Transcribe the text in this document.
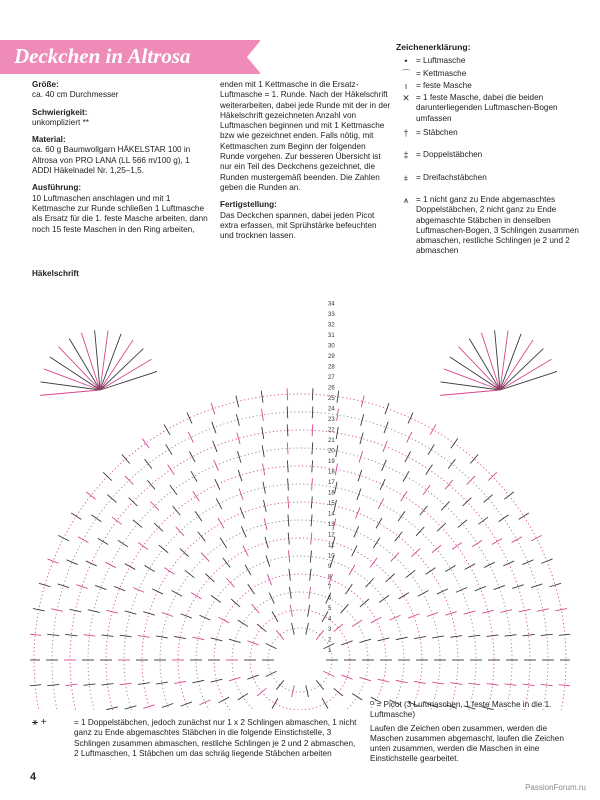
Deckchen in Altrosa
Größe:
ca. 40 cm Durchmesser
Schwierigkeit:
unkompliziert **
Material:
ca. 60 g Baumwollgarn HÄKELSTAR 100 in Altrosa von PRO LANA (LL 566 m/100 g), 1 ADDI Häkelnadel Nr. 1,25–1,5.
Ausführung:
10 Luftmaschen anschlagen und mit 1 Kettmasche zur Runde schließen 1 Luftmasche als Ersatz für die 1. feste Masche arbeiten, dann noch 15 feste Maschen in den Ring arbeiten,
enden mit 1 Kettmasche in die Ersatz-Luftmasche = 1. Runde. Nach der Häkelschrift weiterarbeiten, dabei jede Runde mit der in der Häkelschrift gezeichneten Anzahl von Luftmaschen beginnen und mit 1 Kettmasche bzw wie gezeichnet enden. Falls nötig, mit Kettmaschen zum Beginn der folgenden Runde vorgehen. Zur besseren Übersicht ist nur ein Teil des Deckchens gezeichnet, die Runden mustergemäß beenden. Die Zahlen geben die Runden an.
Fertigstellung:
Das Deckchen spannen, dabei jeden Picot extra erfassen, mit Sprühstärke befeuchten und trocknen lassen.
Zeichenerklärung:
•	= Luftmasche
⌒ = Kettmasche
ı	= feste Masche
✕ = 1 feste Masche, dabei die beiden darunterliegenden Luftmaschen-Bogen umfassen
† = Stäbchen
‡ = Doppelstäbchen
⧧ = Dreifachstäbchen
⩚ = 1 nicht ganz zu Ende abgemaschtes Doppelstäbchen, 2 nicht ganz zu Ende abgemaschte Stäbchen in denselben Luftmaschen-Bogen, 3 Schlingen zusammen abmaschen, restliche Schlingen je 2 und 2 abmaschen
Häkelschrift
1
2
3
4
5
6
7
8
9
10
11
12
13
14
15
16
17
18
19
20
21
22
23
24
25
26
27
28
29
30
31
32
33
34
⚹ +	= 1 Doppelstäbchen, jedoch zunächst nur 1 x 2 Schlingen abmaschen, 1 nicht ganz zu Ende abgemaschtes Stäbchen in die folgende Einstichstelle, 3 Schlingen zusammen abmaschen, restliche Schlingen je 2 und 2 abmaschen, 2 Luftmaschen, 1 Stäbchen um das schräg liegende Stäbchen arbeiten
ᴼ = Picot (3 Luftmaschen, 1 feste Masche in die 1. Luftmasche)
Laufen die Zeichen oben zusammen, werden die Maschen zusammen abgemascht, laufen die Zeichen unten zusammen, werden die Maschen in eine Einstichstelle gearbeitet.
4
PassionForum.ru
